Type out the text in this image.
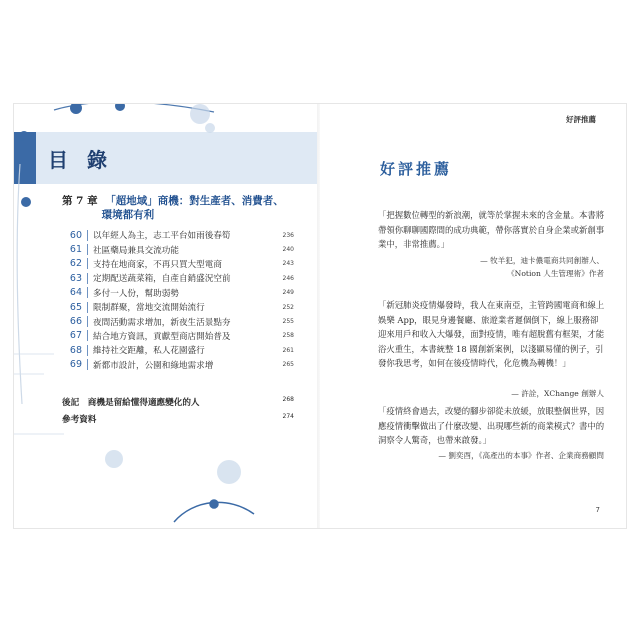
目 錄
第 7 章 「超地域」商機：對生產者、消費者、
環境都有利
60	以年經人為主，志工平台如雨後春筍	236
61	社區藥局兼具交流功能	240
62	支持在地商家，不再只買大型電商	243
63	定期配送蔬菜箱，自產自銷盛況空前	246
64	多付一人份，幫助弱勢	249
65	限制群聚，當地交流開始流行	252
66	夜間活動需求增加，新夜生活景點夯	255
67	結合地方資訊，貢獻型商店開始普及	258
68	維持社交距離，私人花園盛行	261
69	新都市設計，公園和綠地需求增	265
後記　商機是留給懂得適應變化的人	268
參考資料	274
好評推薦
好評推薦
「把握數位轉型的新浪潮，就等於掌握未來的含金量。本書將帶領你聊聊國際間的成功典範，帶你落實於自身企業或新創事業中，非常推薦。」
— 牧羊犯，迪卡儂電商共同創辦人、
《Notion 人生管理術》作者
「新冠肺炎疫情爆發時，我人在東南亞，主管跨國電商和線上娛樂 App，眼見身邊餐廳、旅遊業者遲個倒下，線上服務卻迎來用戶和收入大爆發，面對疫情，唯有超脫舊有框架，才能浴火重生，本書統整 18 國創新案例，以淺顯易懂的例子，引發你我思考，如何在後疫情時代，化危機為轉機！」
— 許詮，XChange 創辦人
「疫情終會過去，改變的腳步卻從未放緩，放眼整個世界，因應疫情衝擊做出了什麼改變、出現哪些新的商業模式？書中的洞察令人驚奇，也帶來啟發。」
— 劉奕酉，《高產出的本事》作者、企業商務顧問
7
